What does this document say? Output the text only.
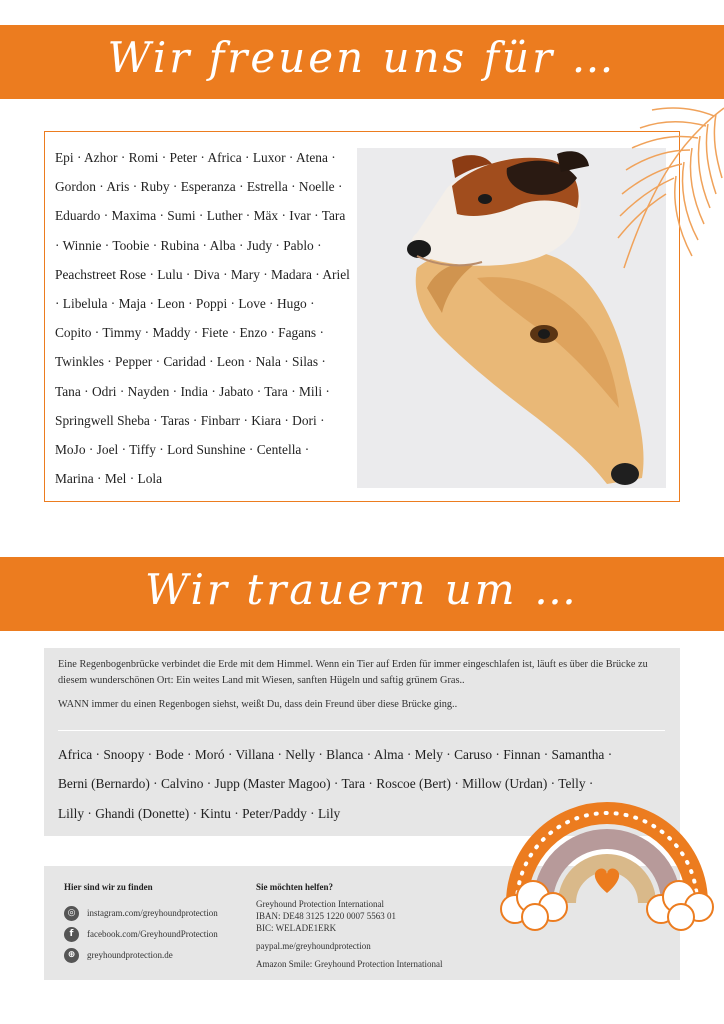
Wir freuen uns für …
Epi · Azhor · Romi · Peter · Africa · Luxor · Atena · Gordon · Aris · Ruby · Esperanza · Estrella · Noelle · Eduardo · Maxima · Sumi · Luther · Mäx · Ivar · Tara · Winnie · Toobie · Rubina · Alba · Judy · Pablo · Peachstreet Rose · Lulu · Diva · Mary · Madara · Ariel · Libelula · Maja · Leon · Poppi · Love · Hugo · Copito · Timmy · Maddy · Fiete · Enzo · Fagans · Twinkles · Pepper · Caridad · Leon · Nala · Silas · Tana · Odri · Nayden · India · Jabato · Tara · Mili · Springwell Sheba · Taras · Finbarr · Kiara · Dori · MoJo · Joel · Tiffy · Lord Sunshine · Centella · Marina · Mel · Lola
Wir trauern um …

Eine Regenbogenbrücke verbindet die Erde mit dem Himmel. Wenn ein Tier auf Erden für immer eingeschlafen ist, läuft es über die Brücke zu diesem wunderschönen Ort: Ein weites Land mit Wiesen, sanften Hügeln und saftig grünem Gras..

WANN immer du einen Regenbogen siehst, weißt Du, dass dein Freund über diese Brücke ging..

Africa · Snoopy · Bode · Moró · Villana · Nelly · Blanca · Alma · Mely · Caruso · Finnan · Samantha · Berni (Bernardo) · Calvino · Jupp (Master Magoo) · Tara · Roscoe (Bert) · Millow (Urdan) · Telly · Lilly · Ghandi (Donette) · Kintu · Peter/Paddy · Lily
Hier sind wir zu finden
◎	instagram.com/greyhoundprotection
f	facebook.com/GreyhoundProtection
⊕	greyhoundprotection.de
Sie möchten helfen?
Greyhound Protection International
IBAN: DE48 3125 1220 0007 5563 01
BIC: WELADE1ERK
paypal.me/greyhoundprotection
Amazon Smile: Greyhound Protection International
